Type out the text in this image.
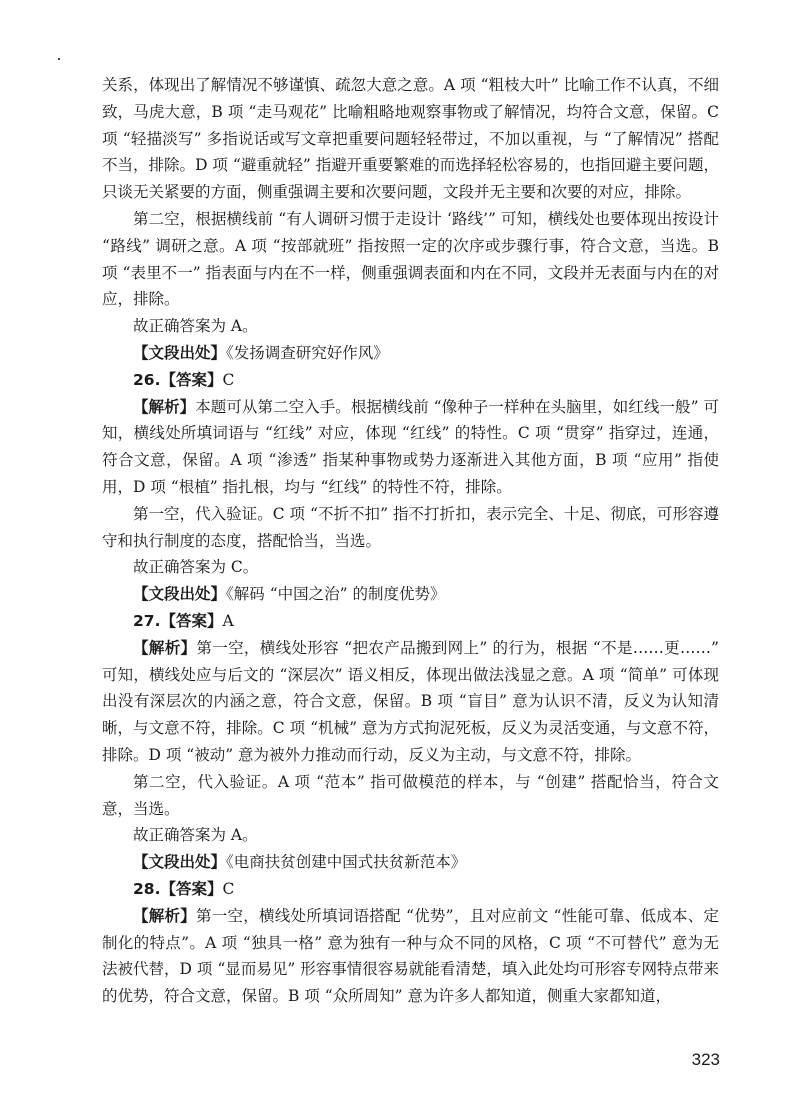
关系，体现出了解情况不够谨慎、疏忽大意之意。A 项 “粗枝大叶” 比喻工作不认真，不细致，马虎大意，B 项 “走马观花” 比喻粗略地观察事物或了解情况，均符合文意，保留。C 项 “轻描淡写” 多指说话或写文章把重要问题轻轻带过，不加以重视，与 “了解情况” 搭配不当，排除。D 项 “避重就轻” 指避开重要繁难的而选择轻松容易的，也指回避主要问题，只谈无关紧要的方面，侧重强调主要和次要问题，文段并无主要和次要的对应，排除。

第二空，根据横线前 “有人调研习惯于走设计 ‘路线’” 可知，横线处也要体现出按设计 “路线” 调研之意。A 项 “按部就班” 指按照一定的次序或步骤行事，符合文意，当选。B 项 “表里不一” 指表面与内在不一样，侧重强调表面和内在不同，文段并无表面与内在的对应，排除。

故正确答案为 A。

【文段出处】《发扬调查研究好作风》

26.【答案】C

【解析】本题可从第二空入手。根据横线前 “像种子一样种在头脑里，如红线一般” 可知，横线处所填词语与 “红线” 对应，体现 “红线” 的特性。C 项 “贯穿” 指穿过，连通，符合文意，保留。A 项 “渗透” 指某种事物或势力逐渐进入其他方面，B 项 “应用” 指使用，D 项 “根植” 指扎根，均与 “红线” 的特性不符，排除。

第一空，代入验证。C 项 “不折不扣” 指不打折扣，表示完全、十足、彻底，可形容遵守和执行制度的态度，搭配恰当，当选。

故正确答案为 C。

【文段出处】《解码 “中国之治” 的制度优势》

27.【答案】A

【解析】第一空，横线处形容 “把农产品搬到网上” 的行为，根据 “不是……更……” 可知，横线处应与后文的 “深层次” 语义相反，体现出做法浅显之意。A 项 “简单” 可体现出没有深层次的内涵之意，符合文意，保留。B 项 “盲目” 意为认识不清，反义为认知清晰，与文意不符，排除。C 项 “机械” 意为方式拘泥死板，反义为灵活变通，与文意不符，排除。D 项 “被动” 意为被外力推动而行动，反义为主动，与文意不符，排除。

第二空，代入验证。A 项 “范本” 指可做模范的样本，与 “创建” 搭配恰当，符合文意，当选。

故正确答案为 A。

【文段出处】《电商扶贫创建中国式扶贫新范本》

28.【答案】C

【解析】第一空，横线处所填词语搭配 “优势”，且对应前文 “性能可靠、低成本、定制化的特点”。A 项 “独具一格” 意为独有一种与众不同的风格，C 项 “不可替代” 意为无法被代替，D 项 “显而易见” 形容事情很容易就能看清楚，填入此处均可形容专网特点带来的优势，符合文意，保留。B 项 “众所周知” 意为许多人都知道，侧重大家都知道，

323
